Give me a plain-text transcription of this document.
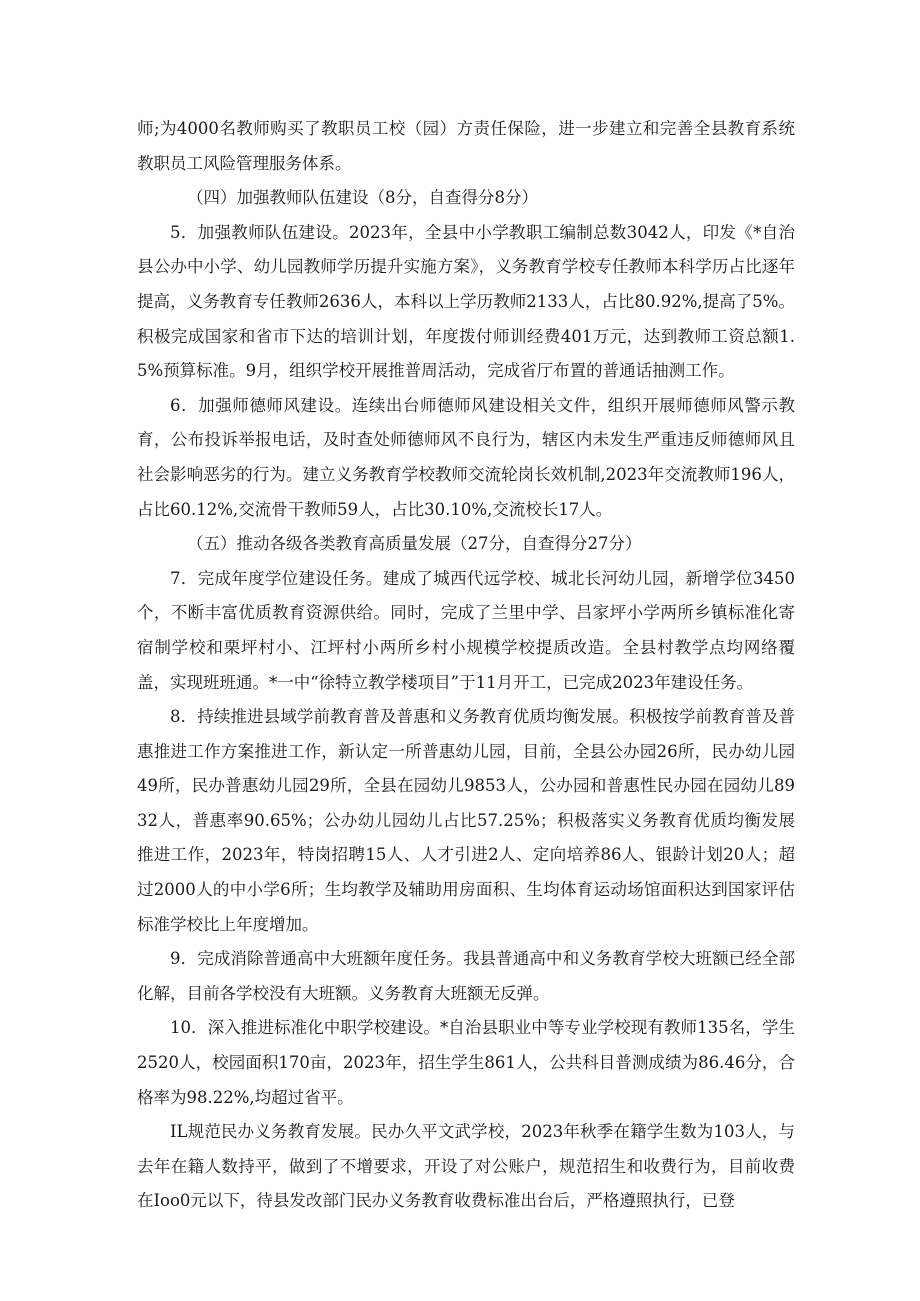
师;为4000名教师购买了教职员工校（园）方责任保险，进一步建立和完善全县教育系统教职员工风险管理服务体系。

（四）加强教师队伍建设（8分，自查得分8分）

5．加强教师队伍建设。2023年，全县中小学教职工编制总数3042人，印发《*自治县公办中小学、幼儿园教师学历提升实施方案》，义务教育学校专任教师本科学历占比逐年提高，义务教育专任教师2636人，本科以上学历教师2133人，占比80.92%,提高了5%。积极完成国家和省市下达的培训计划，年度拨付师训经费401万元，达到教师工资总额1.5%预算标准。9月，组织学校开展推普周活动，完成省厅布置的普通话抽测工作。

6．加强师德师风建设。连续出台师德师风建设相关文件，组织开展师德师风警示教育，公布投诉举报电话，及时查处师德师风不良行为，辖区内未发生严重违反师德师风且社会影响恶劣的行为。建立义务教育学校教师交流轮岗长效机制,2023年交流教师196人，占比60.12%,交流骨干教师59人，占比30.10%,交流校长17人。

（五）推动各级各类教育高质量发展（27分，自查得分27分）

7．完成年度学位建设任务。建成了城西代远学校、城北长河幼儿园，新增学位3450个，不断丰富优质教育资源供给。同时，完成了兰里中学、吕家坪小学两所乡镇标准化寄宿制学校和栗坪村小、江坪村小两所乡村小规模学校提质改造。全县村教学点均网络覆盖，实现班班通。*一中“徐特立教学楼项目”于11月开工，已完成2023年建设任务。

8．持续推进县域学前教育普及普惠和义务教育优质均衡发展。积极按学前教育普及普惠推进工作方案推进工作，新认定一所普惠幼儿园，目前，全县公办园26所，民办幼儿园49所，民办普惠幼儿园29所，全县在园幼儿9853人，公办园和普惠性民办园在园幼儿8932人，普惠率90.65%；公办幼儿园幼儿占比57.25%；积极落实义务教育优质均衡发展推进工作，2023年，特岗招聘15人、人才引进2人、定向培养86人、银龄计划20人；超过2000人的中小学6所；生均教学及辅助用房面积、生均体育运动场馆面积达到国家评估标准学校比上年度增加。

9．完成消除普通高中大班额年度任务。我县普通高中和义务教育学校大班额已经全部化解，目前各学校没有大班额。义务教育大班额无反弹。

10．深入推进标准化中职学校建设。*自治县职业中等专业学校现有教师135名，学生2520人，校园面积170亩，2023年，招生学生861人，公共科目普测成绩为86.46分，合格率为98.22%,均超过省平。

IL规范民办义务教育发展。民办久平文武学校，2023年秋季在籍学生数为103人，与去年在籍人数持平，做到了不增要求，开设了对公账户，规范招生和收费行为，目前收费在Ioo0元以下，待县发改部门民办义务教育收费标准出台后，严格遵照执行，已登
